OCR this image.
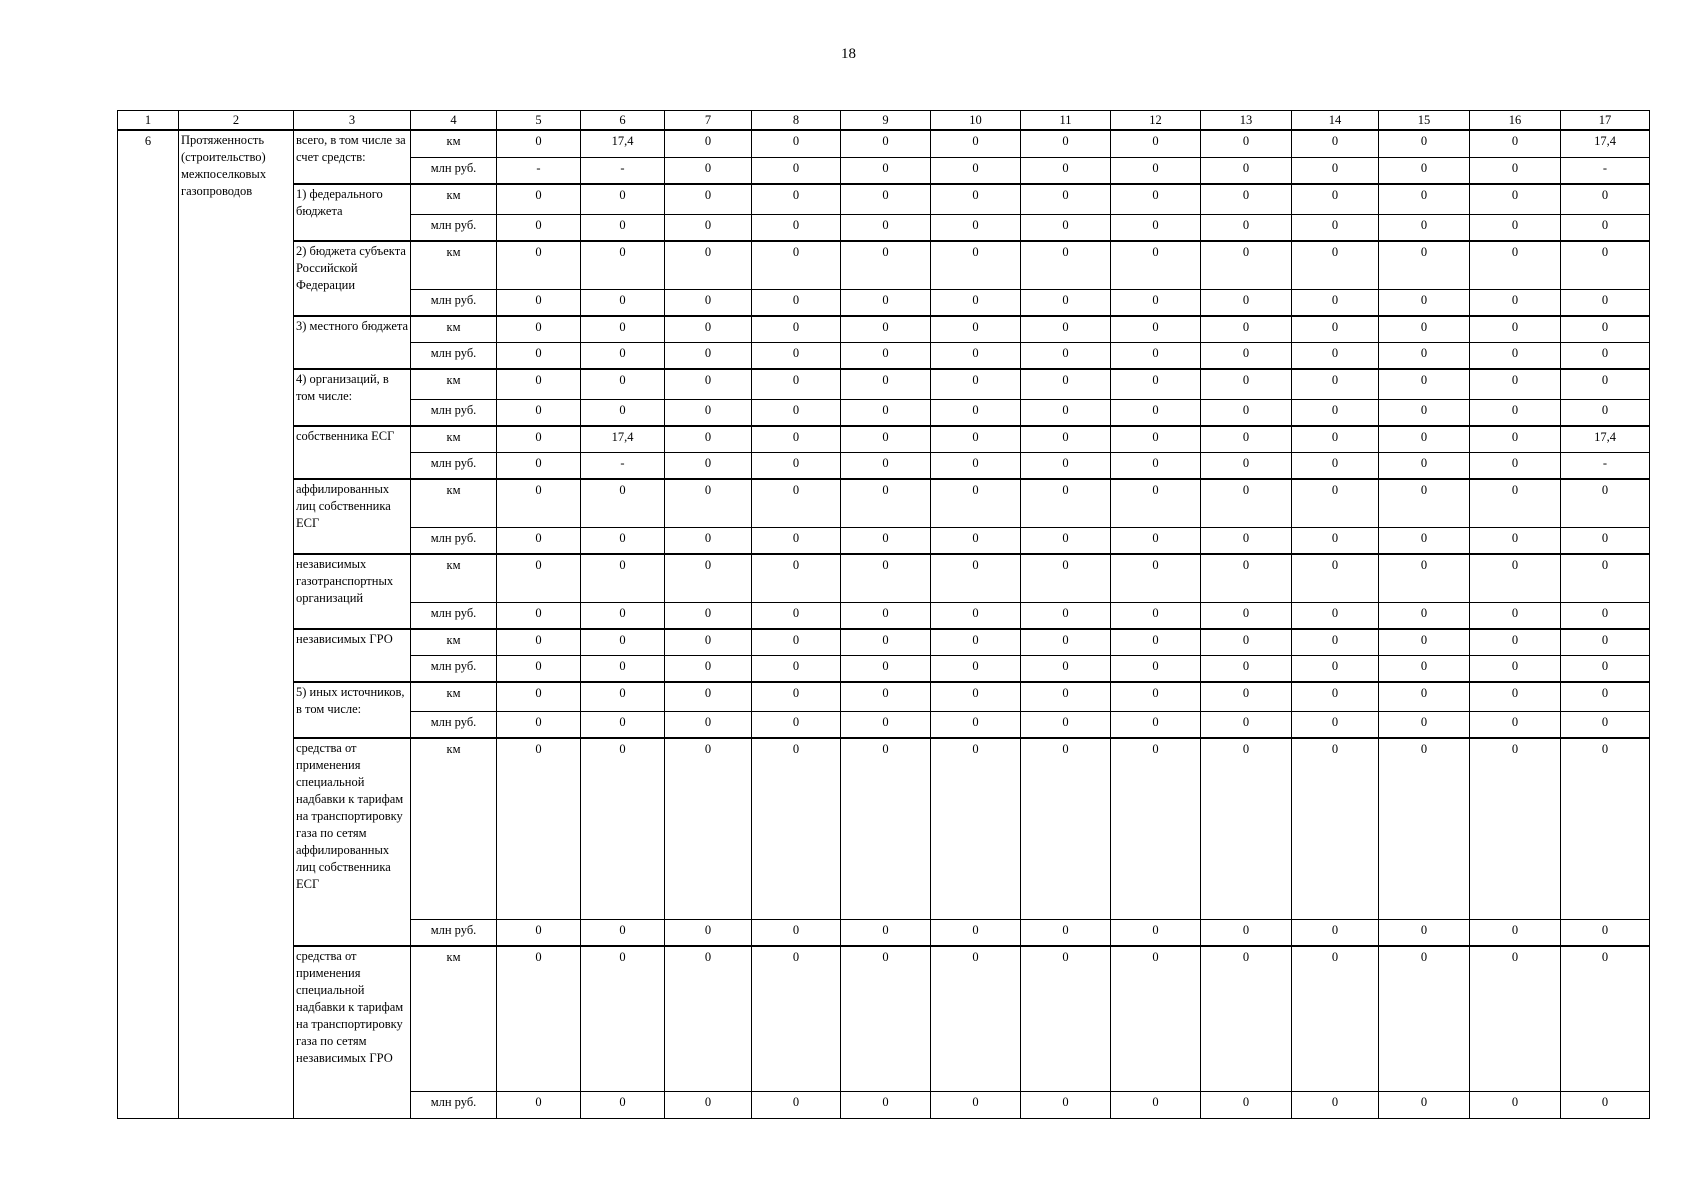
18
1	2	3	4	5	6	7	8	9	10	11	12	13	14	15	16	17
6	Протяженность (строительство) межпоселковых газопроводов	всего, в том числе за счет средств:	км	0	17,4	0	0	0	0	0	0	0	0	0	0	17,4
			млн руб.	-	-	0	0	0	0	0	0	0	0	0	0	-
		1) федерального бюджета	км	0	0	0	0	0	0	0	0	0	0	0	0	0
			млн руб.	0	0	0	0	0	0	0	0	0	0	0	0	0
		2) бюджета субъекта Российской Федерации	км	0	0	0	0	0	0	0	0	0	0	0	0	0
			млн руб.	0	0	0	0	0	0	0	0	0	0	0	0	0
		3) местного бюджета	км	0	0	0	0	0	0	0	0	0	0	0	0	0
			млн руб.	0	0	0	0	0	0	0	0	0	0	0	0	0
		4) организаций, в том числе:	км	0	0	0	0	0	0	0	0	0	0	0	0	0
			млн руб.	0	0	0	0	0	0	0	0	0	0	0	0	0
		собственника ЕСГ	км	0	17,4	0	0	0	0	0	0	0	0	0	0	17,4
			млн руб.	0	-	0	0	0	0	0	0	0	0	0	0	-
		аффилированных лиц собственника ЕСГ	км	0	0	0	0	0	0	0	0	0	0	0	0	0
			млн руб.	0	0	0	0	0	0	0	0	0	0	0	0	0
		независимых газотранспортных организаций	км	0	0	0	0	0	0	0	0	0	0	0	0	0
			млн руб.	0	0	0	0	0	0	0	0	0	0	0	0	0
		независимых ГРО	км	0	0	0	0	0	0	0	0	0	0	0	0	0
			млн руб.	0	0	0	0	0	0	0	0	0	0	0	0	0
		5) иных источников, в том числе:	км	0	0	0	0	0	0	0	0	0	0	0	0	0
			млн руб.	0	0	0	0	0	0	0	0	0	0	0	0	0
		средства от применения специальной надбавки к тарифам на транспортировку газа по сетям аффилированных лиц собственника ЕСГ	км	0	0	0	0	0	0	0	0	0	0	0	0	0
			млн руб.	0	0	0	0	0	0	0	0	0	0	0	0	0
		средства от применения специальной надбавки к тарифам на транспортировку газа по сетям независимых ГРО	км	0	0	0	0	0	0	0	0	0	0	0	0	0
			млн руб.	0	0	0	0	0	0	0	0	0	0	0	0	0
